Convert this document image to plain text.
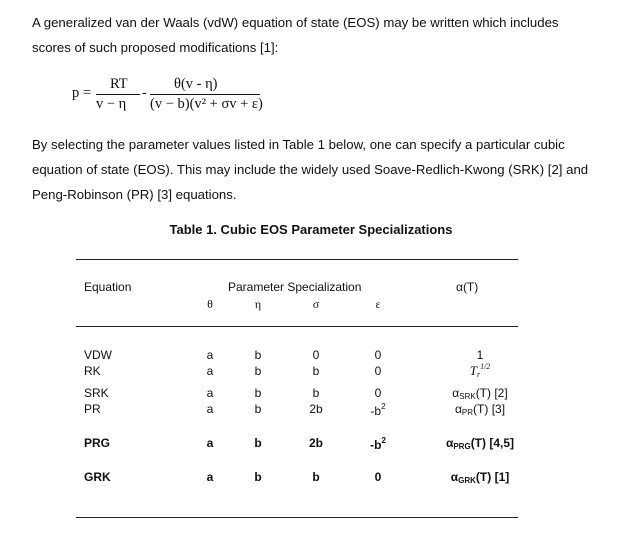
A generalized van der Waals (vdW) equation of state (EOS) may be written which includes scores of such proposed modifications [1]:

p =
RT
v − η
-
θ(v - η)
(v − b)(v² + σv + ε)

By selecting the parameter values listed in Table 1 below, one can specify a particular cubic equation of state (EOS). This may include the widely used Soave-Redlich-Kwong (SRK) [2] and Peng-Robinson (PR) [3] equations.

Table 1. Cubic EOS Parameter Specializations
Equation	Parameter Specialization	α(T)
θ	η	σ	ε
VDW	a	b	0	0	1
RK	a	b	b	0	$T_r^{1/2}$
SRK	a	b	b	0	$\alpha_{SRK}(T)$ [2]
PR	a	b	2b	$-b^2$	$\alpha_{PR}(T)$ [3]
PRG	a	b	2b	$-b^2$	$\alpha_{PRG}(T)$ [4,5]
GRK	a	b	b	0	$\alpha_{GRK}(T)$ [1]
